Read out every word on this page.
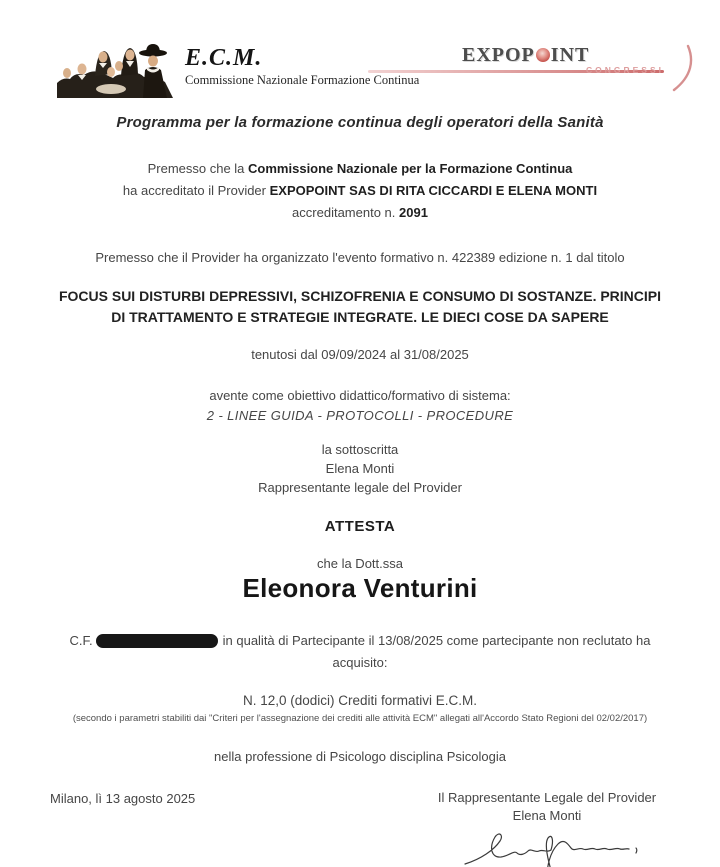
E.C.M.
Commissione Nazionale Formazione Continua
EXPOP INT
CONGRESSI
Programma per la formazione continua degli operatori della Sanità
Premesso che la Commissione Nazionale per la Formazione Continua
ha accreditato il Provider EXPOPOINT SAS DI RITA CICCARDI E ELENA MONTI
accreditamento n. 2091
Premesso che il Provider ha organizzato l'evento formativo n. 422389 edizione n. 1 dal titolo
FOCUS SUI DISTURBI DEPRESSIVI, SCHIZOFRENIA E CONSUMO DI SOSTANZE. PRINCIPI
DI TRATTAMENTO E STRATEGIE INTEGRATE. LE DIECI COSE DA SAPERE
tenutosi dal 09/09/2024 al 31/08/2025
avente come obiettivo didattico/formativo di sistema:
2 - LINEE GUIDA - PROTOCOLLI - PROCEDURE
la sottoscritta
Elena Monti
Rappresentante legale del Provider
ATTESTA
che la Dott.ssa
Eleonora Venturini
C.F.	in qualità di Partecipante il 13/08/2025 come partecipante non reclutato ha
acquisito:
N. 12,0 (dodici) Crediti formativi E.C.M.
(secondo i parametri stabiliti dai "Criteri per l'assegnazione dei crediti alle attività ECM" allegati all'Accordo Stato Regioni del 02/02/2017)
nella professione di Psicologo disciplina Psicologia
Milano, lì 13 agosto 2025	Il Rappresentante Legale del Provider
Elena Monti
